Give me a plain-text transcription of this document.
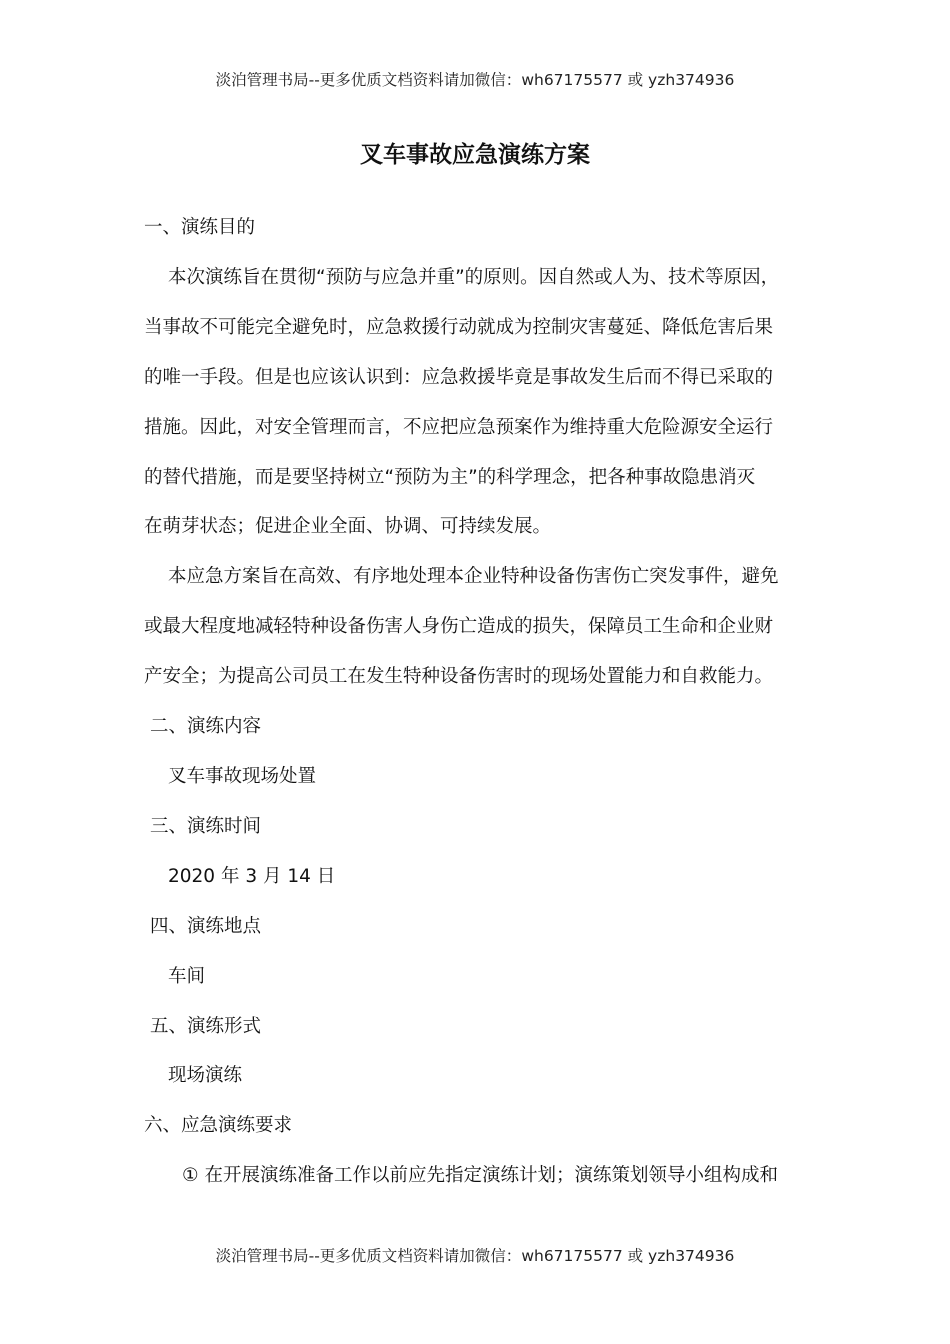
淡泊管理书局--更多优质文档资料请加微信：wh67175577 或 yzh374936
叉车事故应急演练方案

一、演练目的

本次演练旨在贯彻“预防与应急并重”的原则。因自然或人为、技术等原因，

当事故不可能完全避免时，应急救援行动就成为控制灾害蔓延、降低危害后果

的唯一手段。但是也应该认识到：应急救援毕竟是事故发生后而不得已采取的

措施。因此，对安全管理而言，不应把应急预案作为维持重大危险源安全运行

的替代措施，而是要坚持树立“预防为主”的科学理念，把各种事故隐患消灭

在萌芽状态；促进企业全面、协调、可持续发展。

本应急方案旨在高效、有序地处理本企业特种设备伤害伤亡突发事件，避免

或最大程度地减轻特种设备伤害人身伤亡造成的损失，保障员工生命和企业财

产安全；为提高公司员工在发生特种设备伤害时的现场处置能力和自救能力。

二、演练内容

叉车事故现场处置

三、演练时间

2020 年 3 月 14 日

四、演练地点

车间

五、演练形式

现场演练

六、应急演练要求

① 在开展演练准备工作以前应先指定演练计划；演练策划领导小组构成和

淡泊管理书局--更多优质文档资料请加微信：wh67175577 或 yzh374936
